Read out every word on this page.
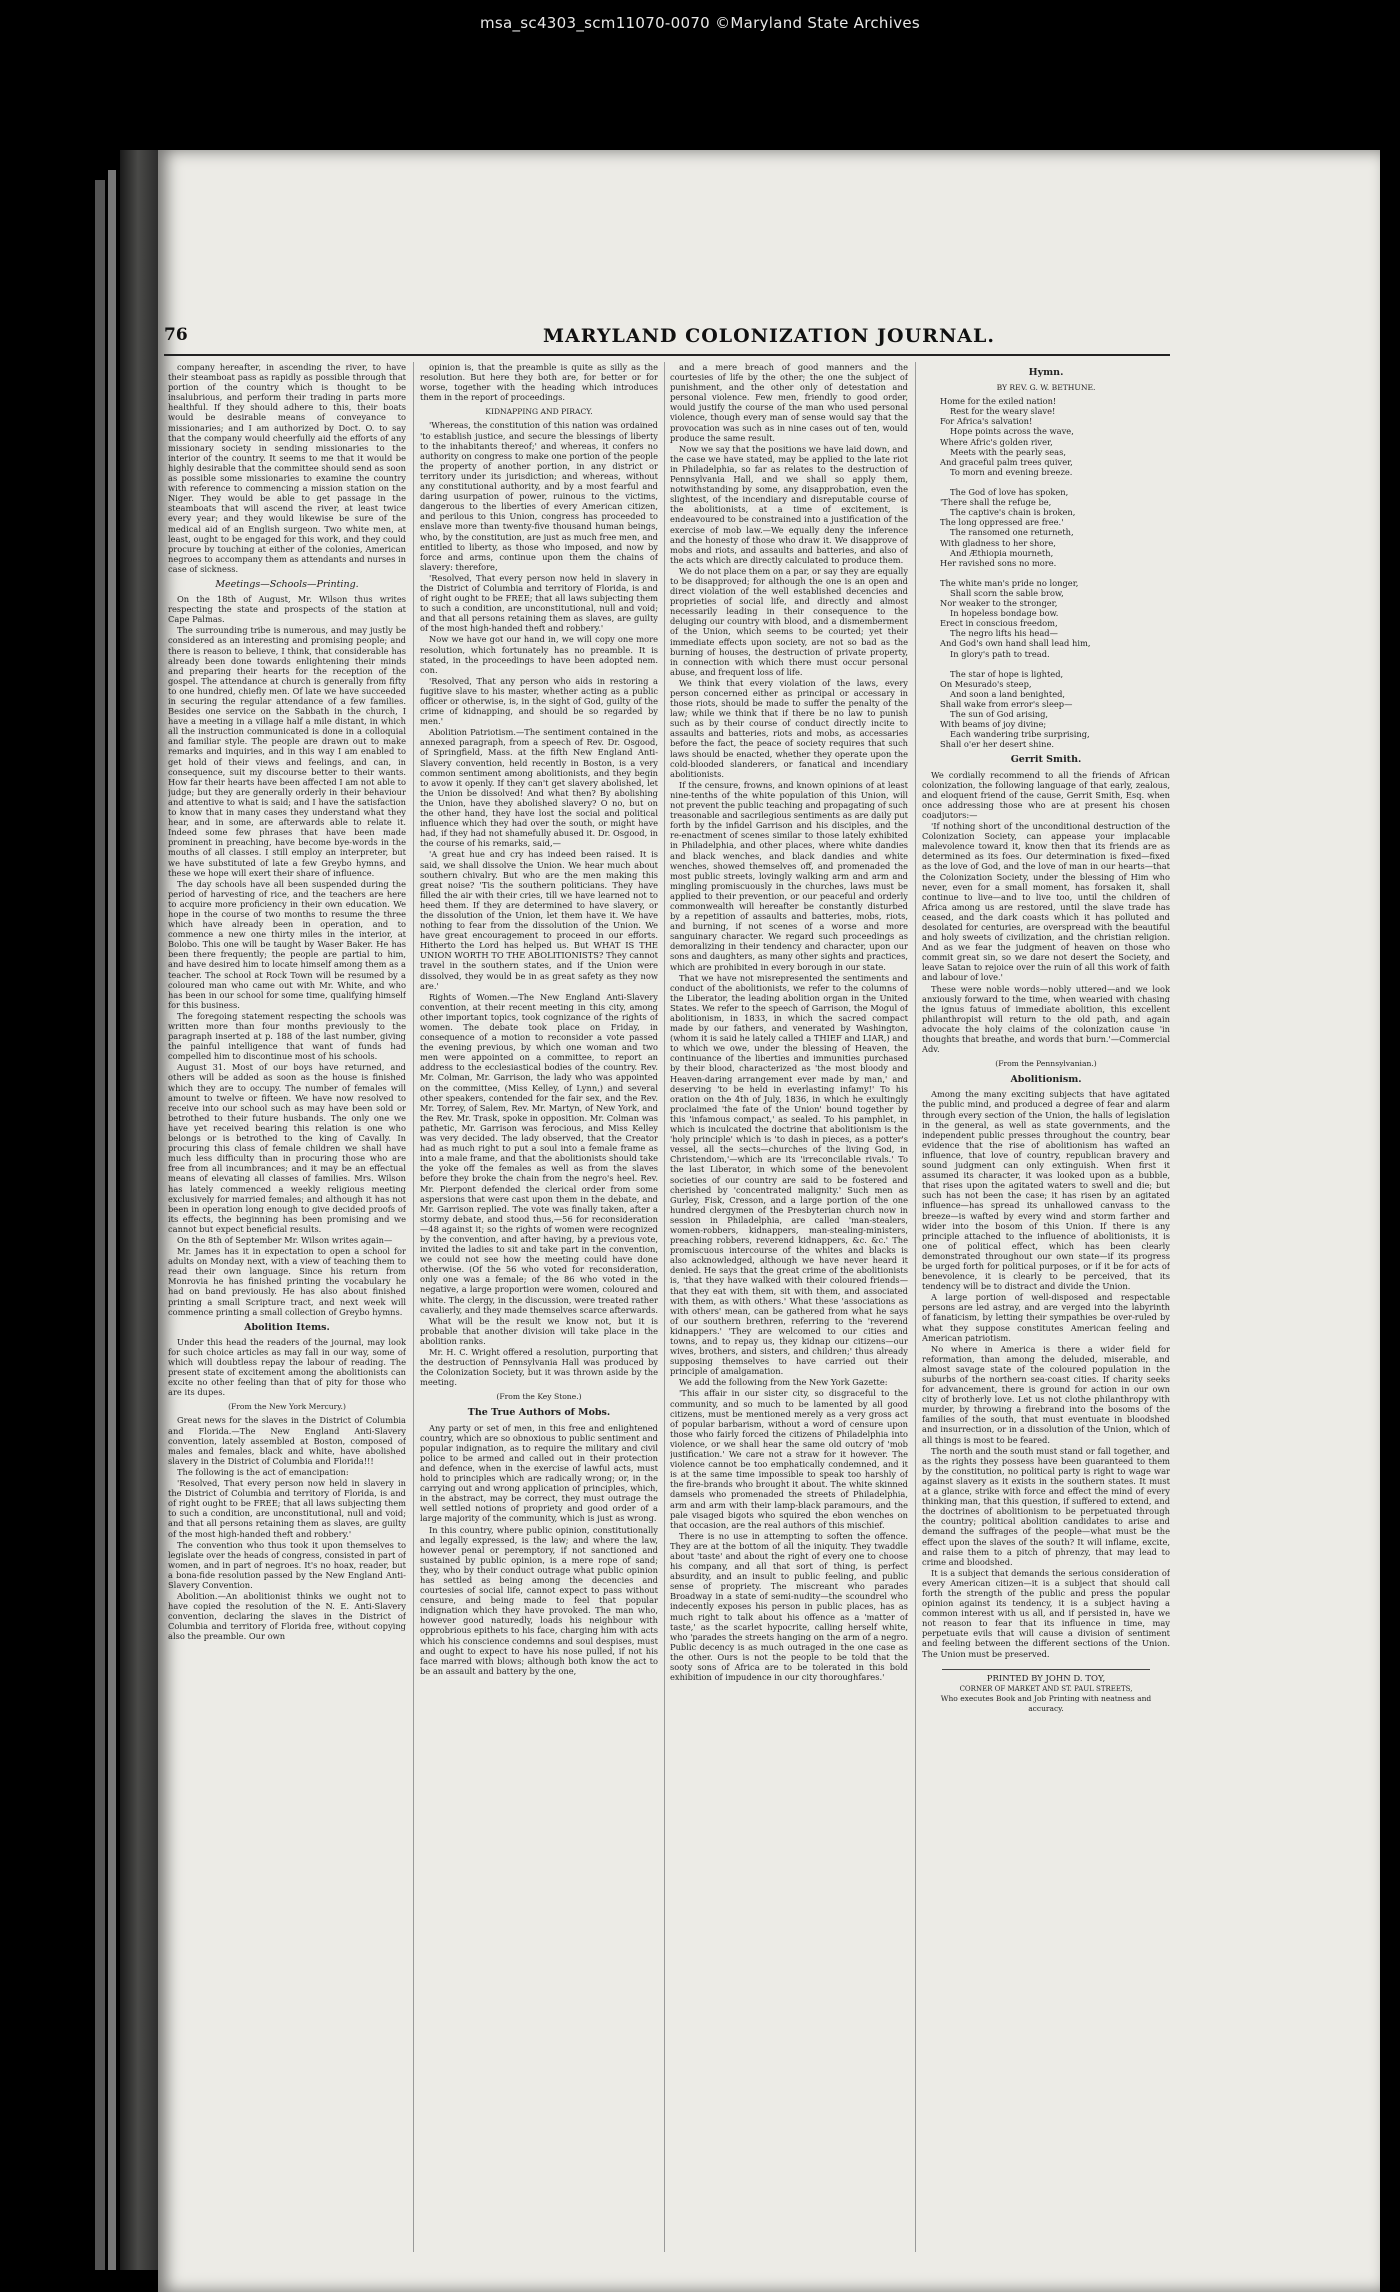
msa_sc4303_scm11070-0070 ©Maryland State Archives
76	MARYLAND COLONIZATION JOURNAL.

company hereafter, in ascending the river, to have their steamboat pass as rapidly as possible through that portion of the country which is thought to be insalubrious, and perform their trading in parts more healthful. If they should adhere to this, their boats would be desirable means of conveyance to missionaries; and I am authorized by Doct. O. to say that the company would cheerfully aid the efforts of any missionary society in sending missionaries to the interior of the country. It seems to me that it would be highly desirable that the committee should send as soon as possible some missionaries to examine the country with reference to commencing a mission station on the Niger. They would be able to get passage in the steamboats that will ascend the river, at least twice every year; and they would likewise be sure of the medical aid of an English surgeon. Two white men, at least, ought to be engaged for this work, and they could procure by touching at either of the colonies, American negroes to accompany them as attendants and nurses in case of sickness.

Meetings—Schools—Printing.

On the 18th of August, Mr. Wilson thus writes respecting the state and prospects of the station at Cape Palmas.

The surrounding tribe is numerous, and may justly be considered as an interesting and promising people; and there is reason to believe, I think, that considerable has already been done towards enlightening their minds and preparing their hearts for the reception of the gospel. The attendance at church is generally from fifty to one hundred, chiefly men. Of late we have succeeded in securing the regular attendance of a few families. Besides one service on the Sabbath in the church, I have a meeting in a village half a mile distant, in which all the instruction communicated is done in a colloquial and familiar style. The people are drawn out to make remarks and inquiries, and in this way I am enabled to get hold of their views and feelings, and can, in consequence, suit my discourse better to their wants. How far their hearts have been affected I am not able to judge; but they are generally orderly in their behaviour and attentive to what is said; and I have the satisfaction to know that in many cases they understand what they hear, and in some, are afterwards able to relate it. Indeed some few phrases that have been made prominent in preaching, have become bye-words in the mouths of all classes. I still employ an interpreter, but we have substituted of late a few Greybo hymns, and these we hope will exert their share of influence.

The day schools have all been suspended during the period of harvesting of rice, and the teachers are here to acquire more proficiency in their own education. We hope in the course of two months to resume the three which have already been in operation, and to commence a new one thirty miles in the interior, at Bolobo. This one will be taught by Waser Baker. He has been there frequently; the people are partial to him, and have desired him to locate himself among them as a teacher. The school at Rock Town will be resumed by a coloured man who came out with Mr. White, and who has been in our school for some time, qualifying himself for this business.

The foregoing statement respecting the schools was written more than four months previously to the paragraph inserted at p. 188 of the last number, giving the painful intelligence that want of funds had compelled him to discontinue most of his schools.

August 31. Most of our boys have returned, and others will be added as soon as the house is finished which they are to occupy. The number of females will amount to twelve or fifteen. We have now resolved to receive into our school such as may have been sold or betrothed to their future husbands. The only one we have yet received bearing this relation is one who belongs or is betrothed to the king of Cavally. In procuring this class of female children we shall have much less difficulty than in procuring those who are free from all incumbrances; and it may be an effectual means of elevating all classes of families. Mrs. Wilson has lately commenced a weekly religious meeting exclusively for married females; and although it has not been in operation long enough to give decided proofs of its effects, the beginning has been promising and we cannot but expect beneficial results.

On the 8th of September Mr. Wilson writes again—

Mr. James has it in expectation to open a school for adults on Monday next, with a view of teaching them to read their own language. Since his return from Monrovia he has finished printing the vocabulary he had on band previously. He has also about finished printing a small Scripture tract, and next week will commence printing a small collection of Greybo hymns.

Abolition Items.

Under this head the readers of the journal, may look for such choice articles as may fall in our way, some of which will doubtless repay the labour of reading. The present state of excitement among the abolitionists can excite no other feeling than that of pity for those who are its dupes.

(From the New York Mercury.)

Great news for the slaves in the District of Columbia and Florida.—The New England Anti-Slavery convention, lately assembled at Boston, composed of males and females, black and white, have abolished slavery in the District of Columbia and Florida!!!

The following is the act of emancipation:

'Resolved, That every person now held in slavery in the District of Columbia and territory of Florida, is and of right ought to be FREE; that all laws subjecting them to such a condition, are unconstitutional, null and void; and that all persons retaining them as slaves, are guilty of the most high-handed theft and robbery.'

The convention who thus took it upon themselves to legislate over the heads of congress, consisted in part of women, and in part of negroes. It's no hoax, reader, but a bona-fide resolution passed by the New England Anti-Slavery Convention.

Abolition.—An abolitionist thinks we ought not to have copied the resolution of the N. E. Anti-Slavery convention, declaring the slaves in the District of Columbia and territory of Florida free, without copying also the preamble. Our own

opinion is, that the preamble is quite as silly as the resolution. But here they both are, for better or for worse, together with the heading which introduces them in the report of proceedings.

KIDNAPPING AND PIRACY.

'Whereas, the constitution of this nation was ordained 'to establish justice, and secure the blessings of liberty to the inhabitants thereof;' and whereas, it confers no authority on congress to make one portion of the people the property of another portion, in any district or territory under its jurisdiction; and whereas, without any constitutional authority, and by a most fearful and daring usurpation of power, ruinous to the victims, dangerous to the liberties of every American citizen, and perilous to this Union, congress has proceeded to enslave more than twenty-five thousand human beings, who, by the constitution, are just as much free men, and entitled to liberty, as those who imposed, and now by force and arms, continue upon them the chains of slavery: therefore,

'Resolved, That every person now held in slavery in the District of Columbia and territory of Florida, is and of right ought to be FREE; that all laws subjecting them to such a condition, are unconstitutional, null and void; and that all persons retaining them as slaves, are guilty of the most high-handed theft and robbery.'

Now we have got our hand in, we will copy one more resolution, which fortunately has no preamble. It is stated, in the proceedings to have been adopted nem. con.

'Resolved, That any person who aids in restoring a fugitive slave to his master, whether acting as a public officer or otherwise, is, in the sight of God, guilty of the crime of kidnapping, and should be so regarded by men.'

Abolition Patriotism.—The sentiment contained in the annexed paragraph, from a speech of Rev. Dr. Osgood, of Springfield, Mass. at the fifth New England Anti-Slavery convention, held recently in Boston, is a very common sentiment among abolitionists, and they begin to avow it openly. If they can't get slavery abolished, let the Union be dissolved! And what then? By abolishing the Union, have they abolished slavery? O no, but on the other hand, they have lost the social and political influence which they had over the south, or might have had, if they had not shamefully abused it. Dr. Osgood, in the course of his remarks, said,—

'A great hue and cry has indeed been raised. It is said, we shall dissolve the Union. We hear much about southern chivalry. But who are the men making this great noise? 'Tis the southern politicians. They have filled the air with their cries, till we have learned not to heed them. If they are determined to have slavery, or the dissolution of the Union, let them have it. We have nothing to fear from the dissolution of the Union. We have great encouragement to proceed in our efforts. Hitherto the Lord has helped us. But WHAT IS THE UNION WORTH TO THE ABOLITIONISTS? They cannot travel in the southern states, and if the Union were dissolved, they would be in as great safety as they now are.'

Rights of Women.—The New England Anti-Slavery convention, at their recent meeting in this city, among other important topics, took cognizance of the rights of women. The debate took place on Friday, in consequence of a motion to reconsider a vote passed the evening previous, by which one woman and two men were appointed on a committee, to report an address to the ecclesiastical bodies of the country. Rev. Mr. Colman, Mr. Garrison, the lady who was appointed on the committee, (Miss Kelley, of Lynn,) and several other speakers, contended for the fair sex, and the Rev. Mr. Torrey, of Salem, Rev. Mr. Martyn, of New York, and the Rev. Mr. Trask, spoke in opposition. Mr. Colman was pathetic, Mr. Garrison was ferocious, and Miss Kelley was very decided. The lady observed, that the Creator had as much right to put a soul into a female frame as into a male frame, and that the abolitionists should take the yoke off the females as well as from the slaves before they broke the chain from the negro's heel. Rev. Mr. Pierpont defended the clerical order from some aspersions that were cast upon them in the debate, and Mr. Garrison replied. The vote was finally taken, after a stormy debate, and stood thus,—56 for reconsideration—48 against it; so the rights of women were recognized by the convention, and after having, by a previous vote, invited the ladies to sit and take part in the convention, we could not see how the meeting could have done otherwise. (Of the 56 who voted for reconsideration, only one was a female; of the 86 who voted in the negative, a large proportion were women, coloured and white. The clergy, in the discussion, were treated rather cavalierly, and they made themselves scarce afterwards.

What will be the result we know not, but it is probable that another division will take place in the abolition ranks.

Mr. H. C. Wright offered a resolution, purporting that the destruction of Pennsylvania Hall was produced by the Colonization Society, but it was thrown aside by the meeting.

(From the Key Stone.)
The True Authors of Mobs.

Any party or set of men, in this free and enlightened country, which are so obnoxious to public sentiment and popular indignation, as to require the military and civil police to be armed and called out in their protection and defence, when in the exercise of lawful acts, must hold to principles which are radically wrong; or, in the carrying out and wrong application of principles, which, in the abstract, may be correct, they must outrage the well settled notions of propriety and good order of a large majority of the community, which is just as wrong.

In this country, where public opinion, constitutionally and legally expressed, is the law; and where the law, however penal or peremptory, if not sanctioned and sustained by public opinion, is a mere rope of sand; they, who by their conduct outrage what public opinion has settled as being among the decencies and courtesies of social life, cannot expect to pass without censure, and being made to feel that popular indignation which they have provoked. The man who, however good naturedly, loads his neighbour with opprobrious epithets to his face, charging him with acts which his conscience condemns and soul despises, must and ought to expect to have his nose pulled, if not his face marred with blows; although both know the act to be an assault and battery by the one,

and a mere breach of good manners and the courtesies of life by the other; the one the subject of punishment, and the other only of detestation and personal violence. Few men, friendly to good order, would justify the course of the man who used personal violence, though every man of sense would say that the provocation was such as in nine cases out of ten, would produce the same result.

Now we say that the positions we have laid down, and the case we have stated, may be applied to the late riot in Philadelphia, so far as relates to the destruction of Pennsylvania Hall, and we shall so apply them, notwithstanding by some, any disapprobation, even the slightest, of the incendiary and disreputable course of the abolitionists, at a time of excitement, is endeavoured to be constrained into a justification of the exercise of mob law.—We equally deny the inference and the honesty of those who draw it. We disapprove of mobs and riots, and assaults and batteries, and also of the acts which are directly calculated to produce them.

We do not place them on a par, or say they are equally to be disapproved; for although the one is an open and direct violation of the well established decencies and proprieties of social life, and directly and almost necessarily leading in their consequence to the deluging our country with blood, and a dismemberment of the Union, which seems to be courted; yet their immediate effects upon society, are not so bad as the burning of houses, the destruction of private property, in connection with which there must occur personal abuse, and frequent loss of life.

We think that every violation of the laws, every person concerned either as principal or accessary in those riots, should be made to suffer the penalty of the law; while we think that if there be no law to punish such as by their course of conduct directly incite to assaults and batteries, riots and mobs, as accessaries before the fact, the peace of society requires that such laws should be enacted, whether they operate upon the cold-blooded slanderers, or fanatical and incendiary abolitionists.

If the censure, frowns, and known opinions of at least nine-tenths of the white population of this Union, will not prevent the public teaching and propagating of such treasonable and sacrilegious sentiments as are daily put forth by the infidel Garrison and his disciples, and the re-enactment of scenes similar to those lately exhibited in Philadelphia, and other places, where white dandies and black wenches, and black dandies and white wenches, showed themselves off, and promenaded the most public streets, lovingly walking arm and arm and mingling promiscuously in the churches, laws must be applied to their prevention, or our peaceful and orderly commonwealth will hereafter be constantly disturbed by a repetition of assaults and batteries, mobs, riots, and burning, if not scenes of a worse and more sanguinary character. We regard such proceedings as demoralizing in their tendency and character, upon our sons and daughters, as many other sights and practices, which are prohibited in every borough in our state.

That we have not misrepresented the sentiments and conduct of the abolitionists, we refer to the columns of the Liberator, the leading abolition organ in the United States. We refer to the speech of Garrison, the Mogul of abolitionism, in 1833, in which the sacred compact made by our fathers, and venerated by Washington, (whom it is said he lately called a THIEF and LIAR,) and to which we owe, under the blessing of Heaven, the continuance of the liberties and immunities purchased by their blood, characterized as 'the most bloody and Heaven-daring arrangement ever made by man,' and deserving 'to be held in everlasting infamy!' To his oration on the 4th of July, 1836, in which he exultingly proclaimed 'the fate of the Union' bound together by this 'infamous compact,' as sealed. To his pamphlet, in which is inculcated the doctrine that abolitionism is the 'holy principle' which is 'to dash in pieces, as a potter's vessel, all the sects—churches of the living God, in Christendom,'—which are its 'irreconcilable rivals.' To the last Liberator, in which some of the benevolent societies of our country are said to be fostered and cherished by 'concentrated malignity.' Such men as Gurley, Fisk, Cresson, and a large portion of the one hundred clergymen of the Presbyterian church now in session in Philadelphia, are called 'man-stealers, women-robbers, kidnappers, man-stealing-ministers, preaching robbers, reverend kidnappers, &c. &c.' The promiscuous intercourse of the whites and blacks is also acknowledged, although we have never heard it denied. He says that the great crime of the abolitionists is, 'that they have walked with their coloured friends—that they eat with them, sit with them, and associated with them, as with others.' What these 'associations as with others' mean, can be gathered from what he says of our southern brethren, referring to the 'reverend kidnappers.' 'They are welcomed to our cities and towns, and to repay us, they kidnap our citizens—our wives, brothers, and sisters, and children;' thus already supposing themselves to have carried out their principle of amalgamation.

We add the following from the New York Gazette:

'This affair in our sister city, so disgraceful to the community, and so much to be lamented by all good citizens, must be mentioned merely as a very gross act of popular barbarism, without a word of censure upon those who fairly forced the citizens of Philadelphia into violence, or we shall hear the same old outcry of 'mob justification.' We care not a straw for it however. The violence cannot be too emphatically condemned, and it is at the same time impossible to speak too harshly of the fire-brands who brought it about. The white skinned damsels who promenaded the streets of Philadelphia, arm and arm with their lamp-black paramours, and the pale visaged bigots who squired the ebon wenches on that occasion, are the real authors of this mischief.

There is no use in attempting to soften the offence. They are at the bottom of all the iniquity. They twaddle about 'taste' and about the right of every one to choose his company, and all that sort of thing, is perfect absurdity, and an insult to public feeling, and public sense of propriety. The miscreant who parades Broadway in a state of semi-nudity—the scoundrel who indecently exposes his person in public places, has as much right to talk about his offence as a 'matter of taste,' as the scarlet hypocrite, calling herself white, who 'parades the streets hanging on the arm of a negro. Public decency is as much outraged in the one case as the other. Ours is not the people to be told that the sooty sons of Africa are to be tolerated in this bold exhibition of impudence in our city thoroughfares.'

Hymn.
BY REV. G. W. BETHUNE.
Home for the exiled nation!
Rest for the weary slave!
For Africa's salvation!
Hope points across the wave,
Where Afric's golden river,
Meets with the pearly seas,
And graceful palm trees quiver,
To morn and evening breeze.

The God of love has spoken,
'There shall the refuge be,
The captive's chain is broken,
The long oppressed are free.'
The ransomed one returneth,
With gladness to her shore,
And Æthiopia mourneth,
Her ravished sons no more.

The white man's pride no longer,
Shall scorn the sable brow,
Nor weaker to the stronger,
In hopeless bondage bow.
Erect in conscious freedom,
The negro lifts his head—
And God's own hand shall lead him,
In glory's path to tread.

The star of hope is lighted,
On Mesurado's steep,
And soon a land benighted,
Shall wake from error's sleep—
The sun of God arising,
With beams of joy divine;
Each wandering tribe surprising,
Shall o'er her desert shine.
Gerrit Smith.

We cordially recommend to all the friends of African colonization, the following language of that early, zealous, and eloquent friend of the cause, Gerrit Smith, Esq. when once addressing those who are at present his chosen coadjutors:—

'If nothing short of the unconditional destruction of the Colonization Society, can appease your implacable malevolence toward it, know then that its friends are as determined as its foes. Our determination is fixed—fixed as the love of God, and the love of man in our hearts—that the Colonization Society, under the blessing of Him who never, even for a small moment, has forsaken it, shall continue to live—and to live too, until the children of Africa among us are restored, until the slave trade has ceased, and the dark coasts which it has polluted and desolated for centuries, are overspread with the beautiful and holy sweets of civilization, and the christian religion. And as we fear the judgment of heaven on those who commit great sin, so we dare not desert the Society, and leave Satan to rejoice over the ruin of all this work of faith and labour of love.'

These were noble words—nobly uttered—and we look anxiously forward to the time, when wearied with chasing the ignus fatuus of immediate abolition, this excellent philanthropist will return to the old path, and again advocate the holy claims of the colonization cause 'in thoughts that breathe, and words that burn.'—Commercial Adv.

(From the Pennsylvanian.)
Abolitionism.

Among the many exciting subjects that have agitated the public mind, and produced a degree of fear and alarm through every section of the Union, the halls of legislation in the general, as well as state governments, and the independent public presses throughout the country, bear evidence that the rise of abolitionism has wafted an influence, that love of country, republican bravery and sound judgment can only extinguish. When first it assumed its character, it was looked upon as a bubble, that rises upon the agitated waters to swell and die; but such has not been the case; it has risen by an agitated influence—has spread its unhallowed canvass to the breeze—is wafted by every wind and storm farther and wider into the bosom of this Union. If there is any principle attached to the influence of abolitionists, it is one of political effect, which has been clearly demonstrated throughout our own state—if its progress be urged forth for political purposes, or if it be for acts of benevolence, it is clearly to be perceived, that its tendency will be to distract and divide the Union.

A large portion of well-disposed and respectable persons are led astray, and are verged into the labyrinth of fanaticism, by letting their sympathies be over-ruled by what they suppose constitutes American feeling and American patriotism.

No where in America is there a wider field for reformation, than among the deluded, miserable, and almost savage state of the coloured population in the suburbs of the northern sea-coast cities. If charity seeks for advancement, there is ground for action in our own city of brotherly love. Let us not clothe philanthropy with murder, by throwing a firebrand into the bosoms of the families of the south, that must eventuate in bloodshed and insurrection, or in a dissolution of the Union, which of all things is most to be feared.

The north and the south must stand or fall together, and as the rights they possess have been guaranteed to them by the constitution, no political party is right to wage war against slavery as it exists in the southern states. It must at a glance, strike with force and effect the mind of every thinking man, that this question, if suffered to extend, and the doctrines of abolitionism to be perpetuated through the country; political abolition candidates to arise and demand the suffrages of the people—what must be the effect upon the slaves of the south? It will inflame, excite, and raise them to a pitch of phrenzy, that may lead to crime and bloodshed.

It is a subject that demands the serious consideration of every American citizen—it is a subject that should call forth the strength of the public and press the popular opinion against its tendency, it is a subject having a common interest with us all, and if persisted in, have we not reason to fear that its influence in time, may perpetuate evils that will cause a division of sentiment and feeling between the different sections of the Union. The Union must be preserved.

PRINTED BY JOHN D. TOY,
CORNER OF MARKET AND ST. PAUL STREETS,
Who executes Book and Job Printing with neatness and accuracy.
